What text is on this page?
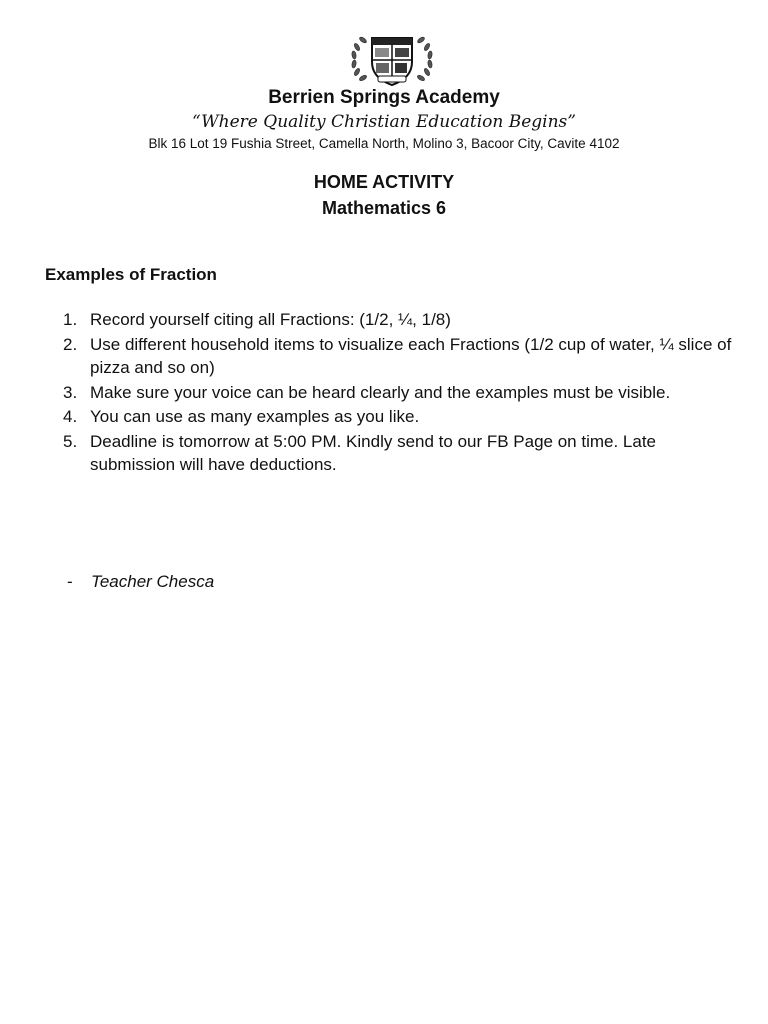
Berrien Springs Academy
“Where Quality Christian Education Begins”
Blk 16 Lot 19 Fushia Street, Camella North, Molino 3, Bacoor City, Cavite 4102
HOME ACTIVITY
Mathematics 6
Examples of Fraction
1. Record yourself citing all Fractions: (1/2, ¼, 1/8)
2. Use different household items to visualize each Fractions (1/2 cup of water, ¼ slice of pizza and so on)
3. Make sure your voice can be heard clearly and the examples must be visible.
4. You can use as many examples as you like.
5. Deadline is tomorrow at 5:00 PM. Kindly send to our FB Page on time. Late submission will have deductions.
- Teacher Chesca
